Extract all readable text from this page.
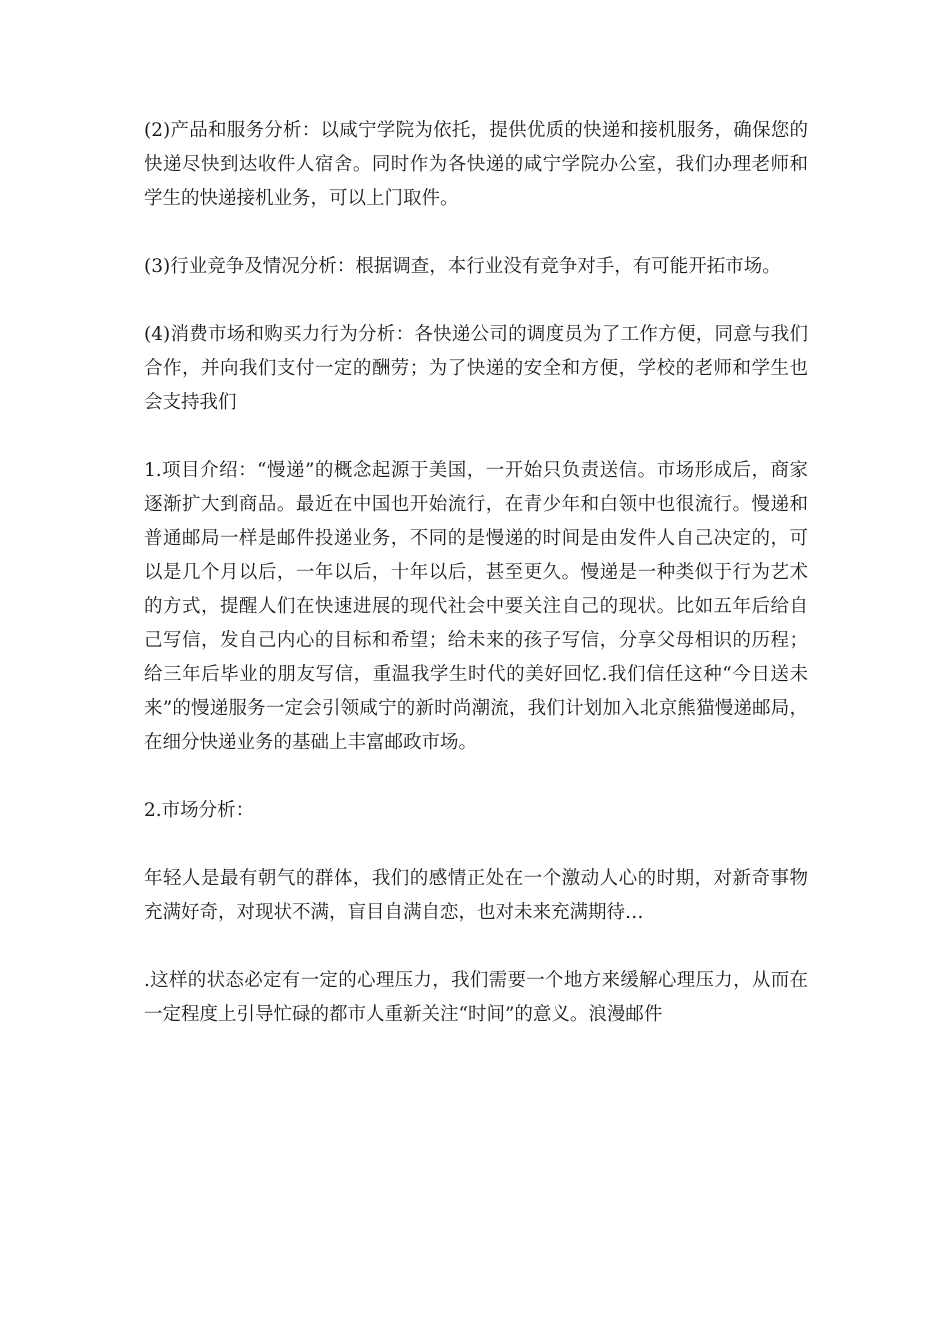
(2)产品和服务分析：以咸宁学院为依托，提供优质的快递和接机服务，确保您的快递尽快到达收件人宿舍。同时作为各快递的咸宁学院办公室，我们办理老师和学生的快递接机业务，可以上门取件。

(3)行业竞争及情况分析：根据调查，本行业没有竞争对手，有可能开拓市场。

(4)消费市场和购买力行为分析：各快递公司的调度员为了工作方便，同意与我们合作，并向我们支付一定的酬劳；为了快递的安全和方便，学校的老师和学生也会支持我们

1.项目介绍：“慢递”的概念起源于美国，一开始只负责送信。市场形成后，商家逐渐扩大到商品。最近在中国也开始流行，在青少年和白领中也很流行。慢递和普通邮局一样是邮件投递业务，不同的是慢递的时间是由发件人自己决定的，可以是几个月以后，一年以后，十年以后，甚至更久。慢递是一种类似于行为艺术的方式，提醒人们在快速进展的现代社会中要关注自己的现状。比如五年后给自己写信，发自己内心的目标和希望；给未来的孩子写信，分享父母相识的历程；给三年后毕业的朋友写信，重温我学生时代的美好回忆.我们信任这种“今日送未来”的慢递服务一定会引领咸宁的新时尚潮流，我们计划加入北京熊猫慢递邮局，在细分快递业务的基础上丰富邮政市场。

2.市场分析：

年轻人是最有朝气的群体，我们的感情正处在一个激动人心的时期，对新奇事物充满好奇，对现状不满，盲目自满自恋，也对未来充满期待…

.这样的状态必定有一定的心理压力，我们需要一个地方来缓解心理压力，从而在一定程度上引导忙碌的都市人重新关注“时间”的意义。浪漫邮件
